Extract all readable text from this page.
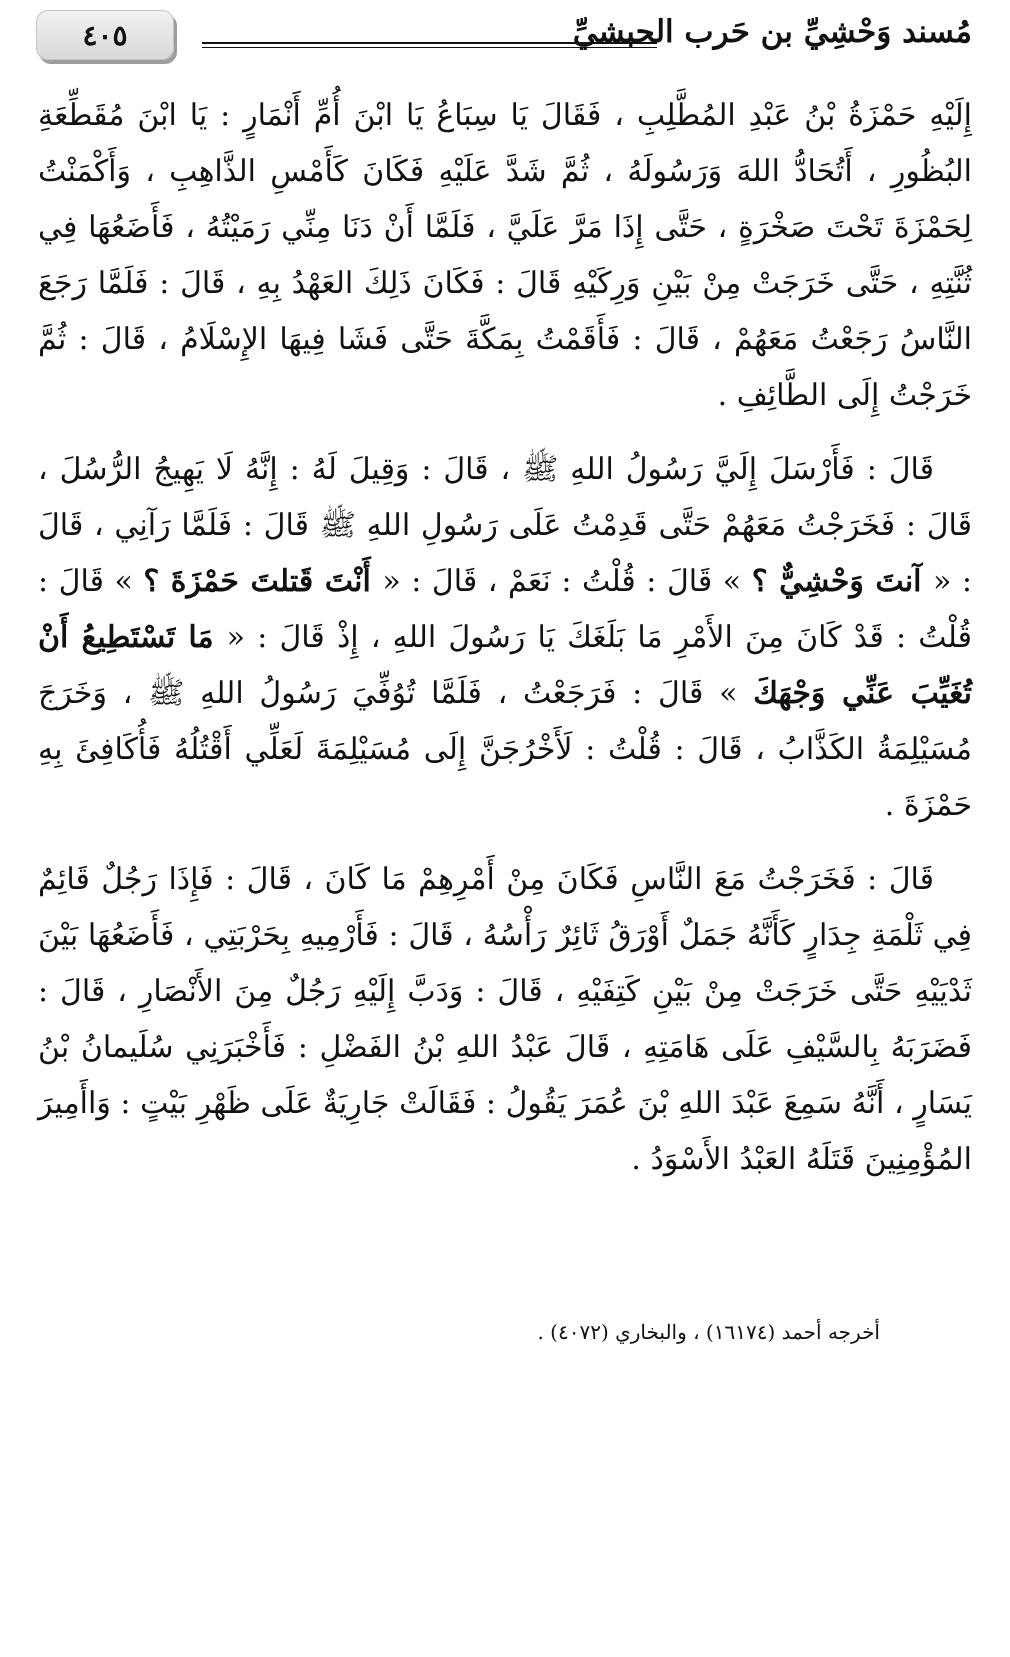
٤٠٥	مُسند وَحْشِيِّ بن حَرب الحبشيِّ

إِلَيْهِ حَمْزَةُ بْنُ عَبْدِ المُطَّلِبِ ، فَقَالَ يَا سِبَاعُ يَا ابْنَ أُمِّ أَنْمَارٍ : يَا ابْنَ مُقَطِّعَةِ البُظُورِ ، أَتُحَادُّ اللهَ وَرَسُولَهُ ، ثُمَّ شَدَّ عَلَيْهِ فَكَانَ كَأَمْسِ الذَّاهِبِ ، وَأَكْمَنْتُ لِحَمْزَةَ تَحْتَ صَخْرَةٍ ، حَتَّى إِذَا مَرَّ عَلَيَّ ، فَلَمَّا أَنْ دَنَا مِنِّي رَمَيْتُهُ ، فَأَضَعُهَا فِي ثُنَّتِهِ ، حَتَّى خَرَجَتْ مِنْ بَيْنِ وَرِكَيْهِ قَالَ : فَكَانَ ذَلِكَ العَهْدُ بِهِ ، قَالَ : فَلَمَّا رَجَعَ النَّاسُ رَجَعْتُ مَعَهُمْ ، قَالَ : فَأَقَمْتُ بِمَكَّةَ حَتَّى فَشَا فِيهَا الإِسْلَامُ ، قَالَ : ثُمَّ خَرَجْتُ إِلَى الطَّائِفِ .

قَالَ : فَأَرْسَلَ إِلَيَّ رَسُولُ اللهِ ﷺ ، قَالَ : وَقِيلَ لَهُ : إِنَّهُ لَا يَهِيجُ الرُّسُلَ ، قَالَ : فَخَرَجْتُ مَعَهُمْ حَتَّى قَدِمْتُ عَلَى رَسُولِ اللهِ ﷺ قَالَ : فَلَمَّا رَآنِي ، قَالَ : « آنتَ وَحْشِيٌّ ؟ » قَالَ : قُلْتُ : نَعَمْ ، قَالَ : « أَنْتَ قَتلتَ حَمْزَةَ ؟ » قَالَ : قُلْتُ : قَدْ كَانَ مِنَ الأَمْرِ مَا بَلَغَكَ يَا رَسُولَ اللهِ ، إِذْ قَالَ : « مَا تَسْتَطِيعُ أَنْ تُغَيِّبَ عَنِّي وَجْهَكَ » قَالَ : فَرَجَعْتُ ، فَلَمَّا تُوُفِّيَ رَسُولُ اللهِ ﷺ ، وَخَرَجَ مُسَيْلِمَةُ الكَذَّابُ ، قَالَ : قُلْتُ : لَأَخْرُجَنَّ إِلَى مُسَيْلِمَةَ لَعَلِّي أَقْتُلُهُ فَأُكَافِئَ بِهِ حَمْزَةَ .

قَالَ : فَخَرَجْتُ مَعَ النَّاسِ فَكَانَ مِنْ أَمْرِهِمْ مَا كَانَ ، قَالَ : فَإِذَا رَجُلٌ قَائِمٌ فِي ثَلْمَةِ جِدَارٍ كَأَنَّهُ جَمَلٌ أَوْرَقُ ثَائِرٌ رَأْسُهُ ، قَالَ : فَأَرْمِيهِ بِحَرْبَتِي ، فَأَضَعُهَا بَيْنَ ثَدْيَيْهِ حَتَّى خَرَجَتْ مِنْ بَيْنِ كَتِفَيْهِ ، قَالَ : وَدَبَّ إِلَيْهِ رَجُلٌ مِنَ الأَنْصَارِ ، قَالَ : فَضَرَبَهُ بِالسَّيْفِ عَلَى هَامَتِهِ ، قَالَ عَبْدُ اللهِ بْنُ الفَضْلِ : فَأَخْبَرَنِي سُلَيمانُ بْنُ يَسَارٍ ، أَنَّهُ سَمِعَ عَبْدَ اللهِ بْنَ عُمَرَ يَقُولُ : فَقَالَتْ جَارِيَةٌ عَلَى ظَهْرِ بَيْتٍ : وَاأَمِيرَ المُؤْمِنِينَ قَتَلَهُ العَبْدُ الأَسْوَدُ .

أخرجه أحمد (١٦١٧٤) ، والبخاري (٤٠٧٢) .
